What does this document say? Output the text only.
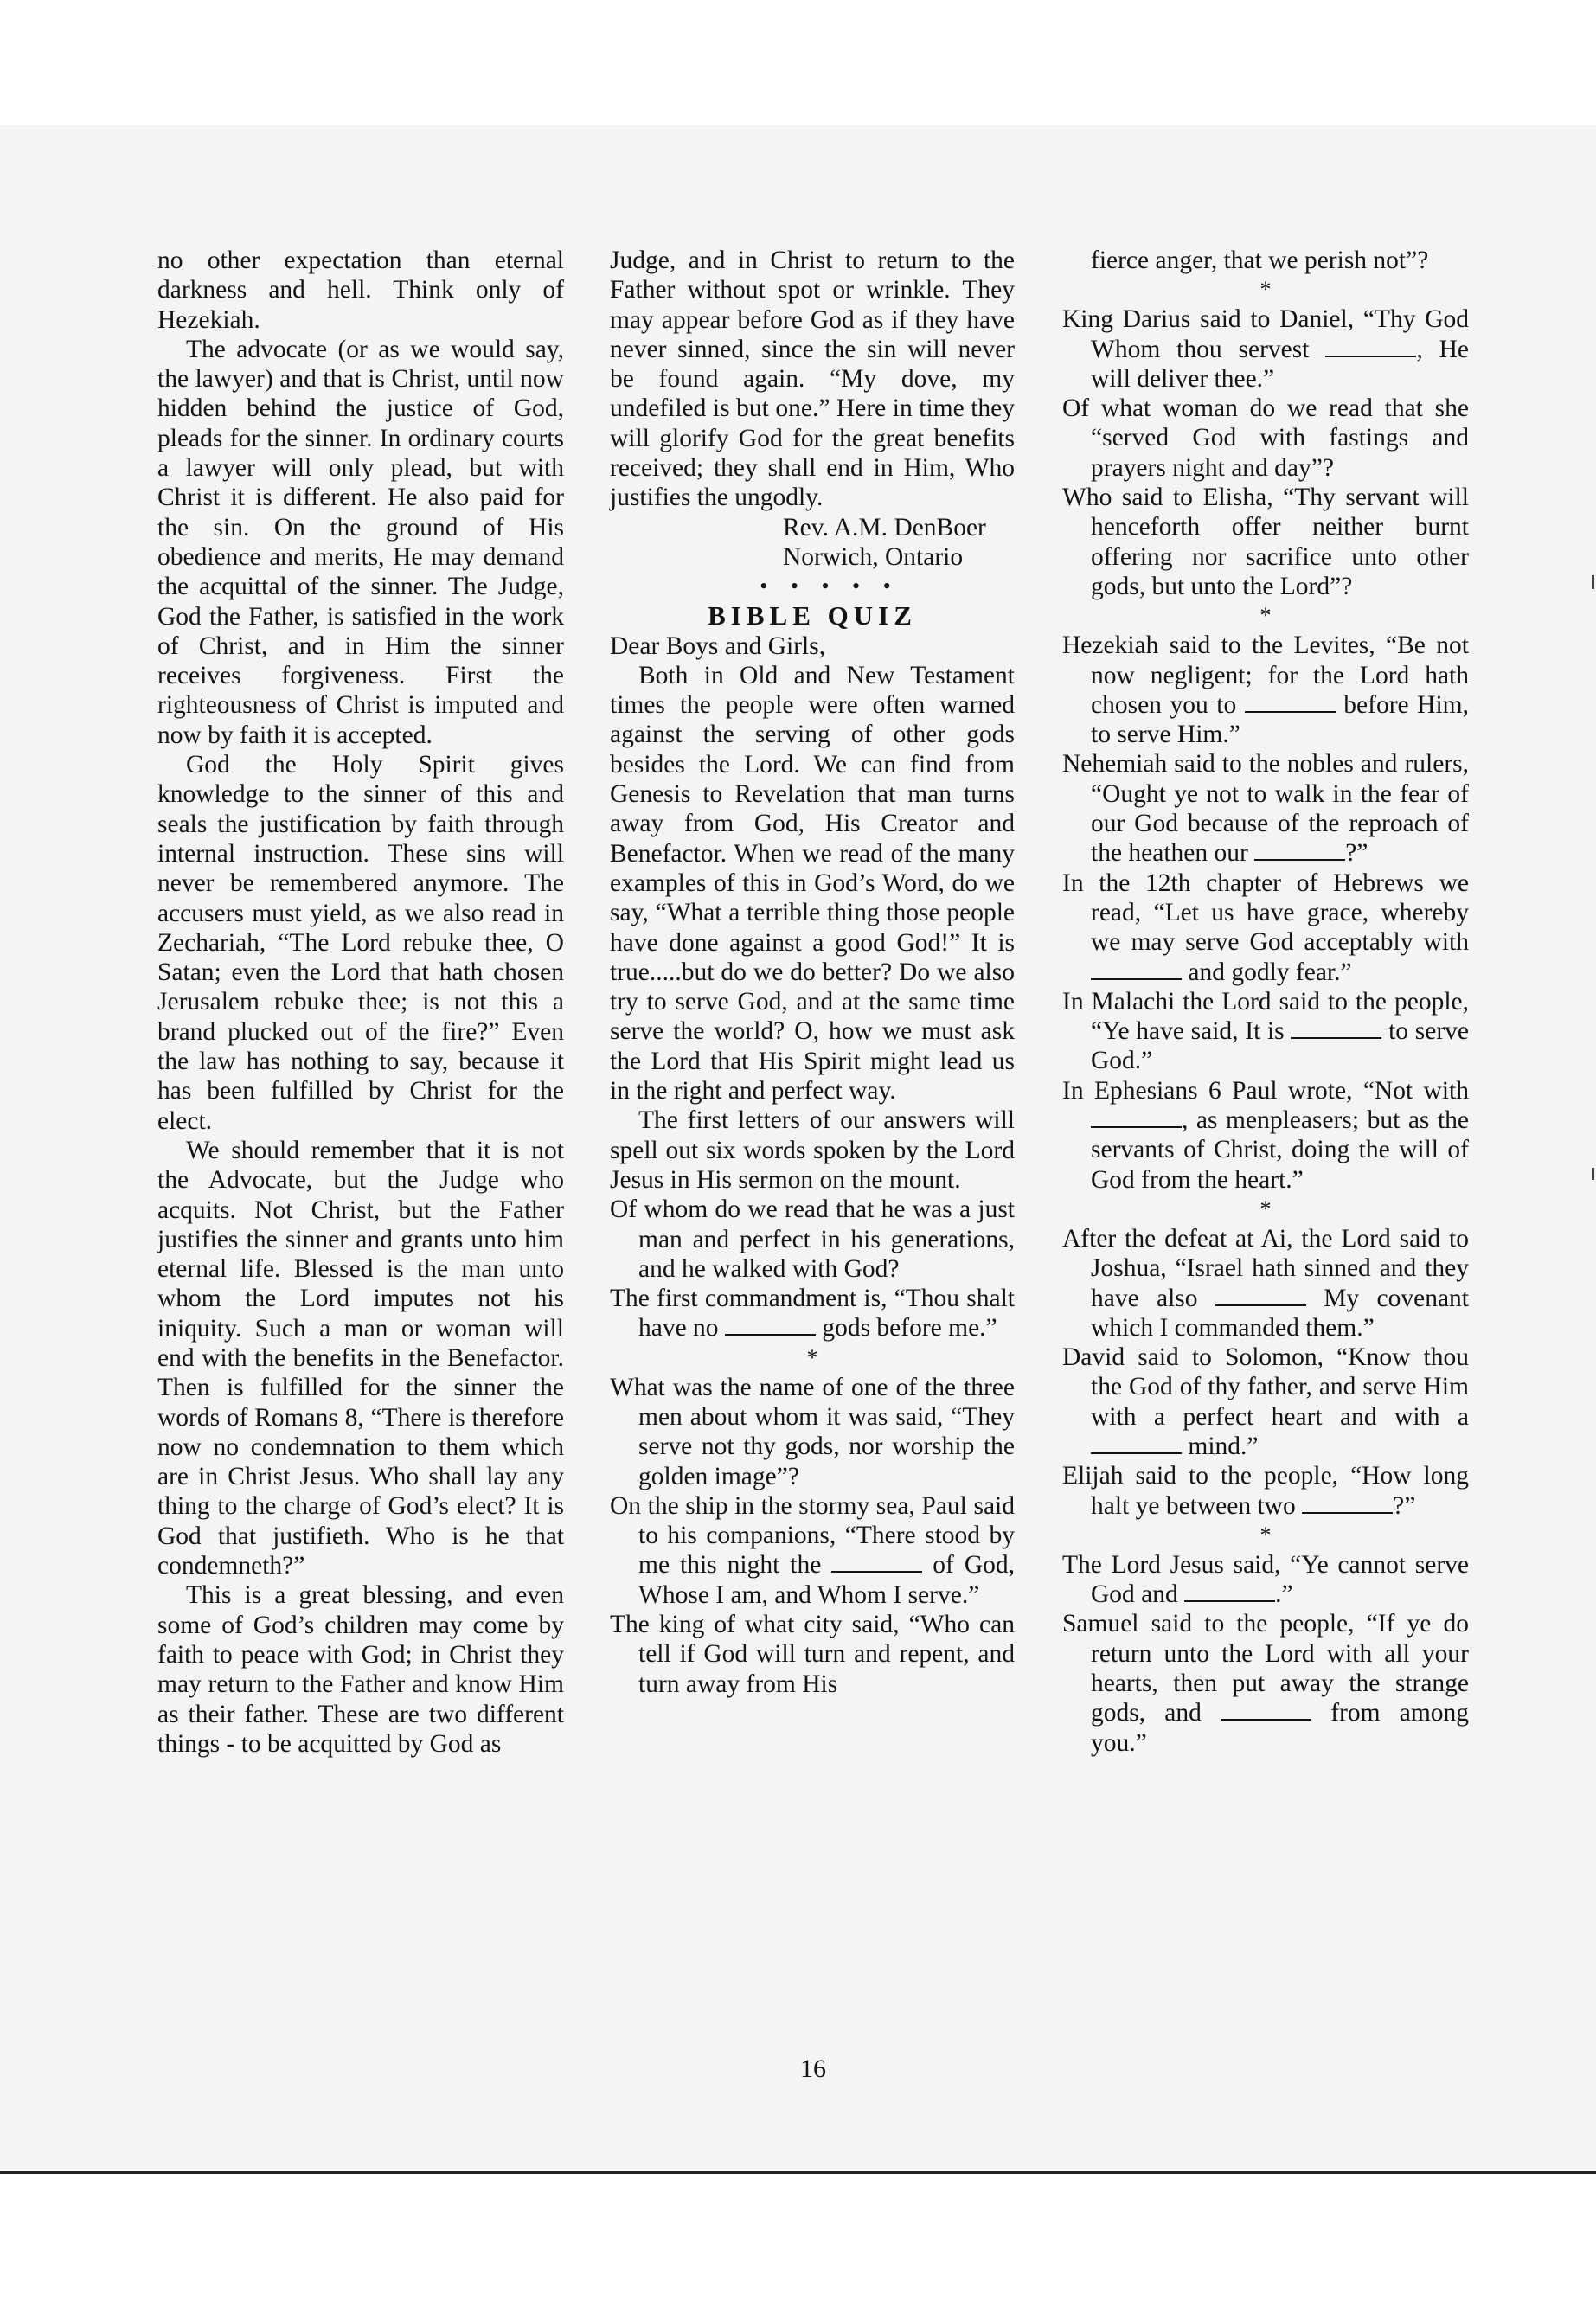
no other expectation than eternal darkness and hell. Think only of Hezekiah.

The advocate (or as we would say, the lawyer) and that is Christ, until now hidden behind the justice of God, pleads for the sinner. In ordinary courts a lawyer will only plead, but with Christ it is different. He also paid for the sin. On the ground of His obedience and merits, He may demand the acquittal of the sinner. The Judge, God the Father, is satisfied in the work of Christ, and in Him the sinner receives forgiveness. First the righteousness of Christ is imputed and now by faith it is accepted.

God the Holy Spirit gives knowledge to the sinner of this and seals the justification by faith through internal instruction. These sins will never be remembered anymore. The accusers must yield, as we also read in Zechariah, “The Lord rebuke thee, O Satan; even the Lord that hath chosen Jerusalem rebuke thee; is not this a brand plucked out of the fire?” Even the law has nothing to say, because it has been fulfilled by Christ for the elect.

We should remember that it is not the Advocate, but the Judge who acquits. Not Christ, but the Father justifies the sinner and grants unto him eternal life. Blessed is the man unto whom the Lord imputes not his iniquity. Such a man or woman will end with the benefits in the Benefactor. Then is fulfilled for the sinner the words of Romans 8, “There is therefore now no condemnation to them which are in Christ Jesus. Who shall lay any thing to the charge of God’s elect? It is God that justifieth. Who is he that condemneth?”

This is a great blessing, and even some of God’s children may come by faith to peace with God; in Christ they may return to the Father and know Him as their father. These are two different things - to be acquitted by God as

Judge, and in Christ to return to the Father without spot or wrinkle. They may appear before God as if they have never sinned, since the sin will never be found again. “My dove, my undefiled is but one.” Here in time they will glorify God for the great benefits received; they shall end in Him, Who justifies the ungodly.

Rev. A.M. DenBoer

Norwich, Ontario

• • • • •

BIBLE QUIZ

Dear Boys and Girls,

Both in Old and New Testament times the people were often warned against the serving of other gods besides the Lord. We can find from Genesis to Revelation that man turns away from God, His Creator and Benefactor. When we read of the many examples of this in God’s Word, do we say, “What a terrible thing those people have done against a good God!” It is true.....but do we do better? Do we also try to serve God, and at the same time serve the world? O, how we must ask the Lord that His Spirit might lead us in the right and perfect way.

The first letters of our answers will spell out six words spoken by the Lord Jesus in His sermon on the mount.

Of whom do we read that he was a just man and perfect in his generations, and he walked with God?

The first commandment is, “Thou shalt have no	gods before me.”

*

What was the name of one of the three men about whom it was said, “They serve not thy gods, nor worship the golden image”?

On the ship in the stormy sea, Paul said to his companions, “There stood by me this night the	of God, Whose I am, and Whom I serve.”

The king of what city said, “Who can tell if God will turn and repent, and turn away from His

fierce anger, that we perish not”?

*

King Darius said to Daniel, “Thy God Whom thou servest	, He will deliver thee.”

Of what woman do we read that she “served God with fastings and prayers night and day”?

Who said to Elisha, “Thy servant will henceforth offer neither burnt offering nor sacrifice unto other gods, but unto the Lord”?

*

Hezekiah said to the Levites, “Be not now negligent; for the Lord hath chosen you to	before Him, to serve Him.”

Nehemiah said to the nobles and rulers, “Ought ye not to walk in the fear of our God because of the reproach of the heathen our	?”

In the 12th chapter of Hebrews we read, “Let us have grace, whereby we may serve God acceptably with  and godly fear.”

In Malachi the Lord said to the people, “Ye have said, It is	to serve God.”

In Ephesians 6 Paul wrote, “Not with , as menpleasers; but as the servants of Christ, doing the will of God from the heart.”

*

After the defeat at Ai, the Lord said to Joshua, “Israel hath sinned and they have also	My covenant which I commanded them.”

David said to Solomon, “Know thou the God of thy father, and serve Him with a perfect heart and with a  mind.”

Elijah said to the people, “How long halt ye between two	?”

*

The Lord Jesus said, “Ye cannot serve God and	.”

Samuel said to the people, “If ye do return unto the Lord with all your hearts, then put away the strange gods, and	from among you.”

16
